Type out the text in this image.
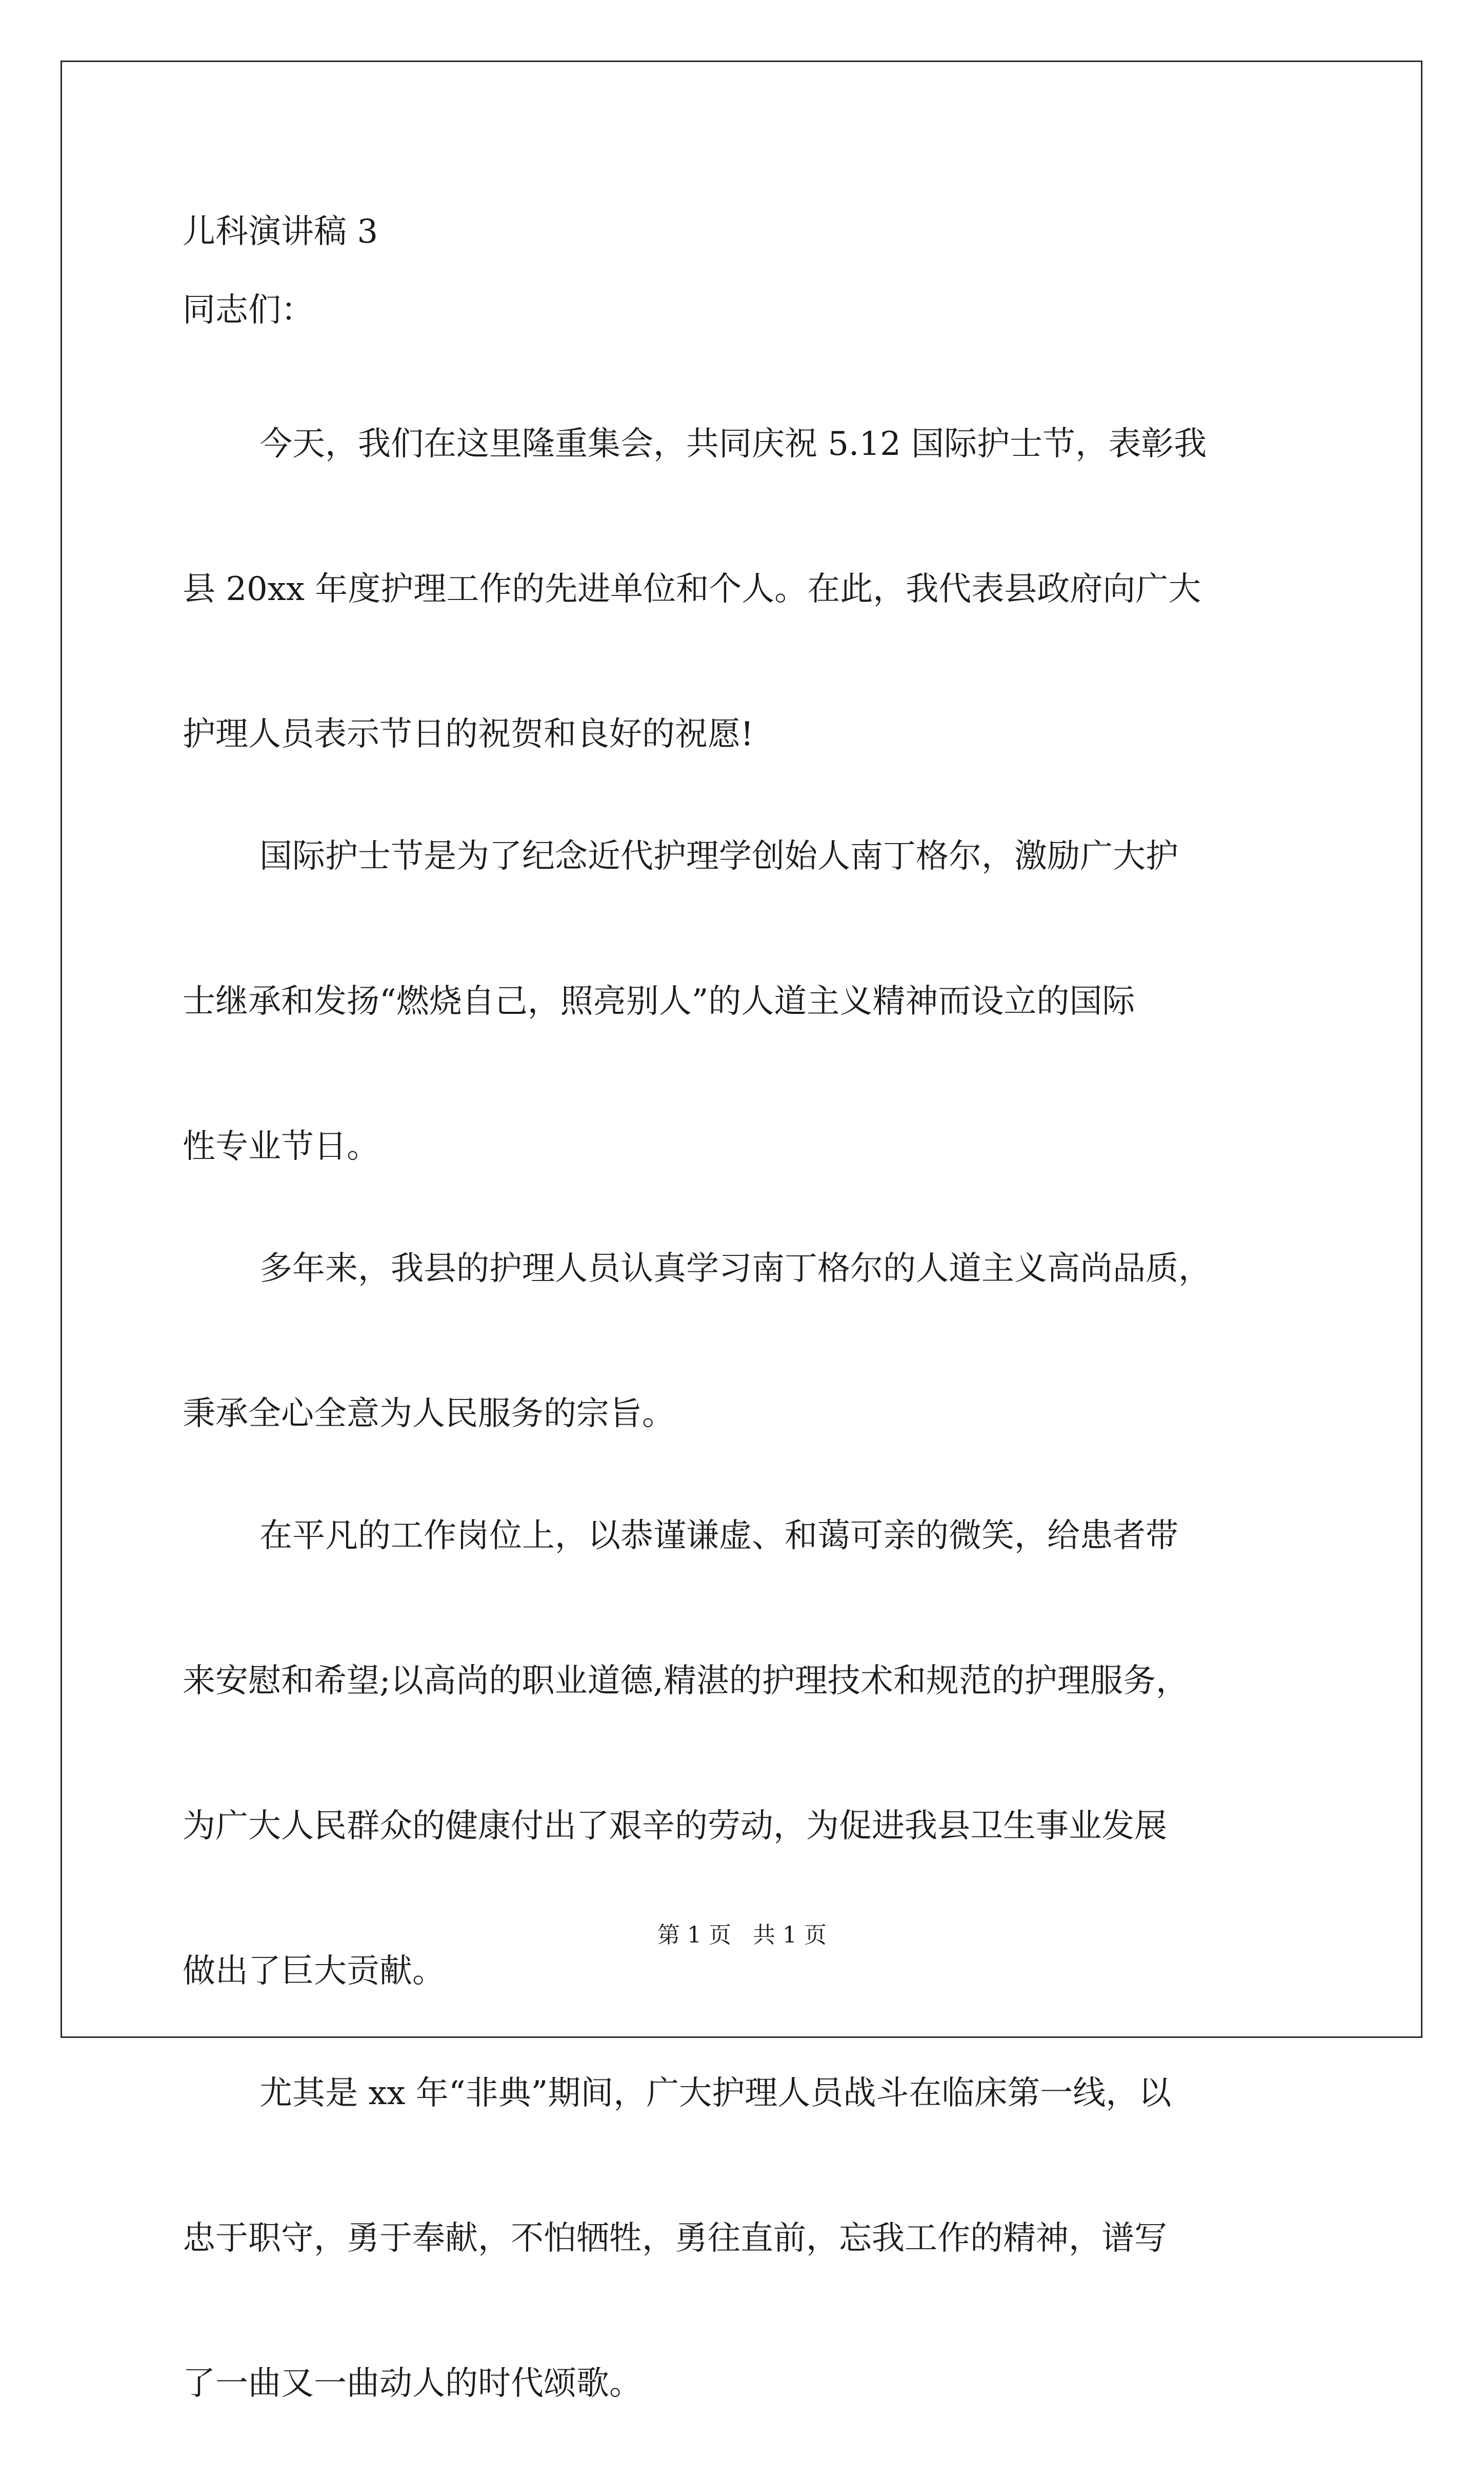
儿科演讲稿 3
同志们：
今天，我们在这里隆重集会，共同庆祝 5.12 国际护士节，表彰我
县 20xx 年度护理工作的先进单位和个人。在此，我代表县政府向广大
护理人员表示节日的祝贺和良好的祝愿!
国际护士节是为了纪念近代护理学创始人南丁格尔，激励广大护
士继承和发扬“燃烧自己，照亮别人”的人道主义精神而设立的国际
性专业节日。
多年来，我县的护理人员认真学习南丁格尔的人道主义高尚品质，
秉承全心全意为人民服务的宗旨。
在平凡的工作岗位上，以恭谨谦虚、和蔼可亲的微笑，给患者带
来安慰和希望;以高尚的职业道德,精湛的护理技术和规范的护理服务，
为广大人民群众的健康付出了艰辛的劳动，为促进我县卫生事业发展
做出了巨大贡献。
尤其是 xx 年“非典”期间，广大护理人员战斗在临床第一线，以
忠于职守，勇于奉献，不怕牺牲，勇往直前，忘我工作的精神，谱写
了一曲又一曲动人的时代颂歌。
第 1 页   共 1 页
